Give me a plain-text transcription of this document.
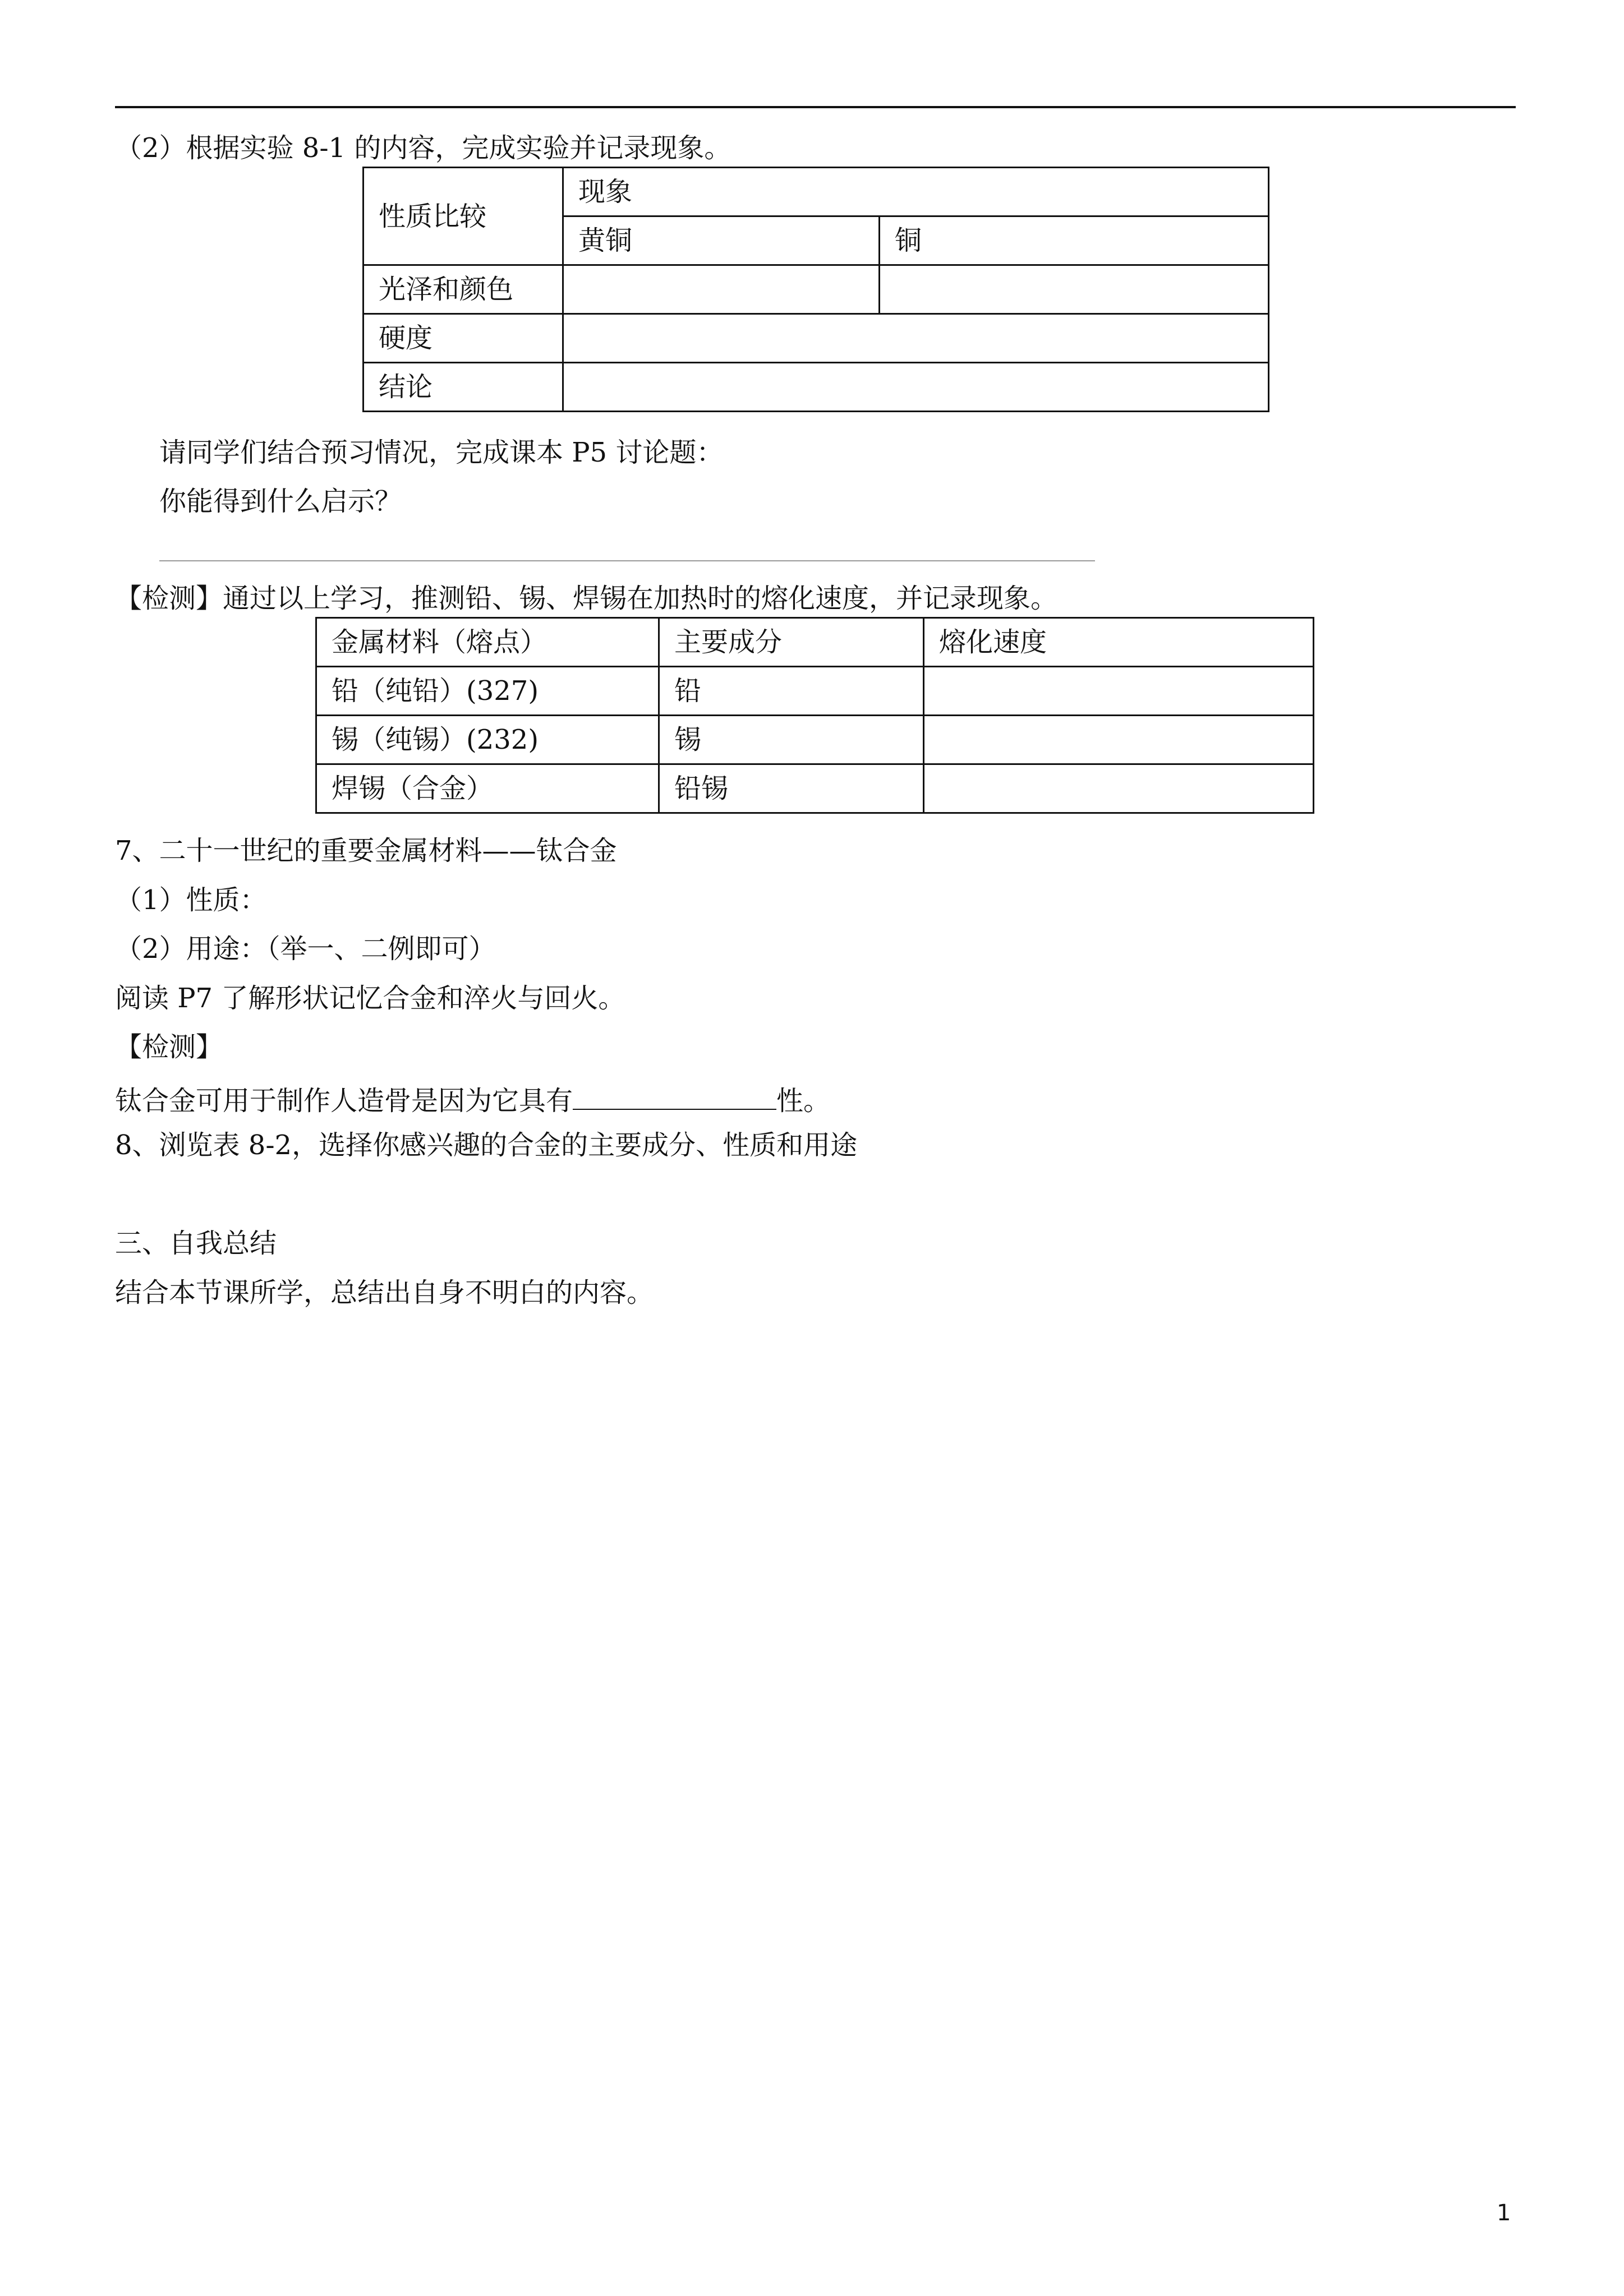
（2）根据实验 8-1 的内容，完成实验并记录现象。
性质比较	现象	
	黄铜	铜
光泽和颜色		
硬度		
结论		
请同学们结合预习情况，完成课本 P5 讨论题：
你能得到什么启示？
【检测】通过以上学习，推测铅、锡、焊锡在加热时的熔化速度，并记录现象。
金属材料（熔点）	主要成分	熔化速度
铅（纯铅）(327)	铅	
锡（纯锡）(232)	锡	
焊锡（合金）	铅锡	
7、二十一世纪的重要金属材料——钛合金
（1）性质：
（2）用途：（举一、二例即可）
阅读 P7 了解形状记忆合金和淬火与回火。
【检测】
钛合金可用于制作人造骨是因为它具有	性。
8、浏览表 8-2，选择你感兴趣的合金的主要成分、性质和用途
三、自我总结
结合本节课所学，总结出自身不明白的内容。
1
